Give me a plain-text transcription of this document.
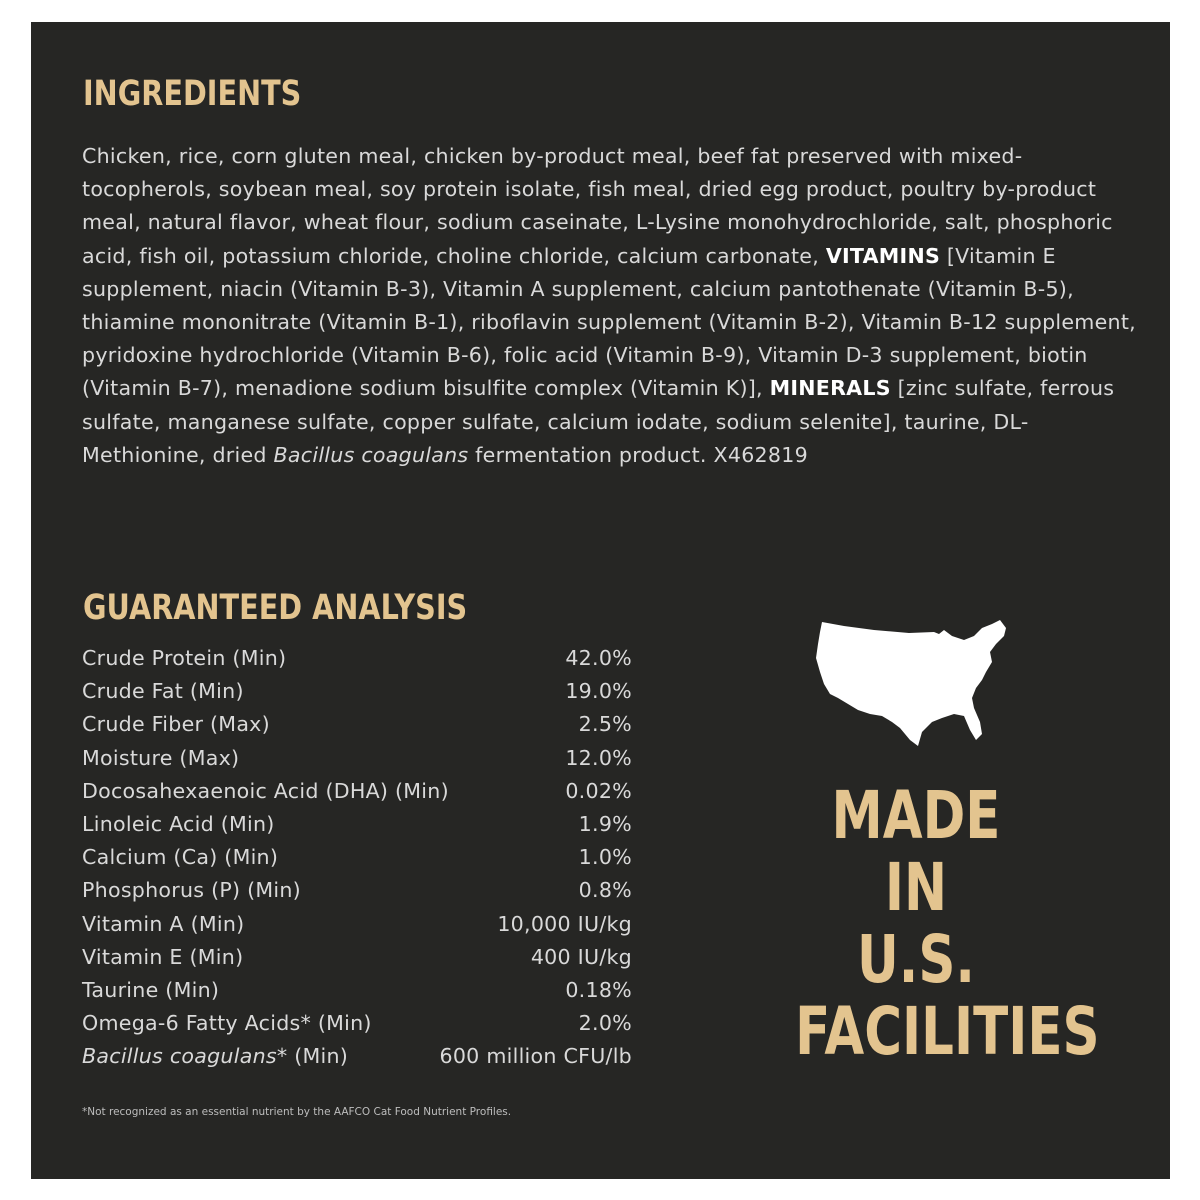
INGREDIENTS

Chicken, rice, corn gluten meal, chicken by-product meal, beef fat preserved with mixed-tocopherols, soybean meal, soy protein isolate, fish meal, dried egg product, poultry by-product meal, natural flavor, wheat flour, sodium caseinate, L-Lysine monohydrochloride, salt, phosphoric acid, fish oil, potassium chloride, choline chloride, calcium carbonate, VITAMINS [Vitamin E supplement, niacin (Vitamin B-3), Vitamin A supplement, calcium pantothenate (Vitamin B-5), thiamine mononitrate (Vitamin B-1), riboflavin supplement (Vitamin B-2), Vitamin B-12 supplement, pyridoxine hydrochloride (Vitamin B-6), folic acid (Vitamin B-9), Vitamin D-3 supplement, biotin (Vitamin B-7), menadione sodium bisulfite complex (Vitamin K)], MINERALS [zinc sulfate, ferrous sulfate, manganese sulfate, copper sulfate, calcium iodate, sodium selenite], taurine, DL-Methionine, dried Bacillus coagulans fermentation product. X462819

GUARANTEED ANALYSIS
Crude Protein (Min)	42.0%
Crude Fat (Min)	19.0%
Crude Fiber (Max)	2.5%
Moisture (Max)	12.0%
Docosahexaenoic Acid (DHA) (Min)	0.02%
Linoleic Acid (Min)	1.9%
Calcium (Ca) (Min)	1.0%
Phosphorus (P) (Min)	0.8%
Vitamin A (Min)	10,000 IU/kg
Vitamin E (Min)	400 IU/kg
Taurine (Min)	0.18%
Omega-6 Fatty Acids* (Min)	2.0%
Bacillus coagulans* (Min)	600 million CFU/lb
*Not recognized as an essential nutrient by the AAFCO Cat Food Nutrient Profiles.
MADE IN
U.S.
FACILITIES
